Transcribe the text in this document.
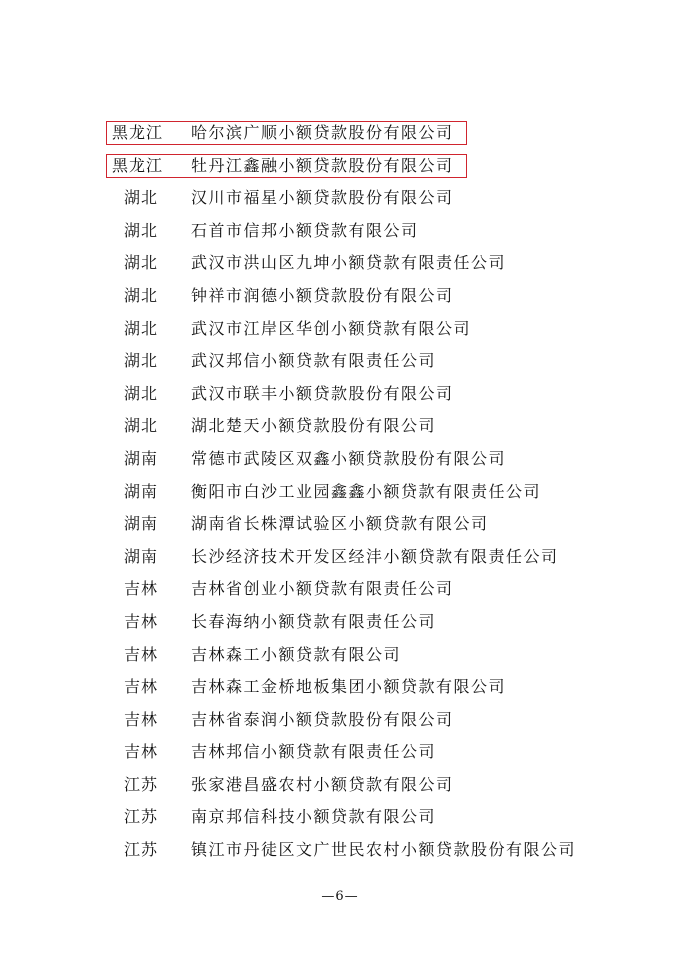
黑龙江 哈尔滨广顺小额贷款股份有限公司
黑龙江 牡丹江鑫融小额贷款股份有限公司
湖北 汉川市福星小额贷款股份有限公司
湖北 石首市信邦小额贷款有限公司
湖北 武汉市洪山区九坤小额贷款有限责任公司
湖北 钟祥市润德小额贷款股份有限公司
湖北 武汉市江岸区华创小额贷款有限公司
湖北 武汉邦信小额贷款有限责任公司
湖北 武汉市联丰小额贷款股份有限公司
湖北 湖北楚天小额贷款股份有限公司
湖南 常德市武陵区双鑫小额贷款股份有限公司
湖南 衡阳市白沙工业园鑫鑫小额贷款有限责任公司
湖南 湖南省长株潭试验区小额贷款有限公司
湖南 长沙经济技术开发区经沣小额贷款有限责任公司
吉林 吉林省创业小额贷款有限责任公司
吉林 长春海纳小额贷款有限责任公司
吉林 吉林森工小额贷款有限公司
吉林 吉林森工金桥地板集团小额贷款有限公司
吉林 吉林省泰润小额贷款股份有限公司
吉林 吉林邦信小额贷款有限责任公司
江苏 张家港昌盛农村小额贷款有限公司
江苏 南京邦信科技小额贷款有限公司
江苏 镇江市丹徒区文广世民农村小额贷款股份有限公司
—6—
